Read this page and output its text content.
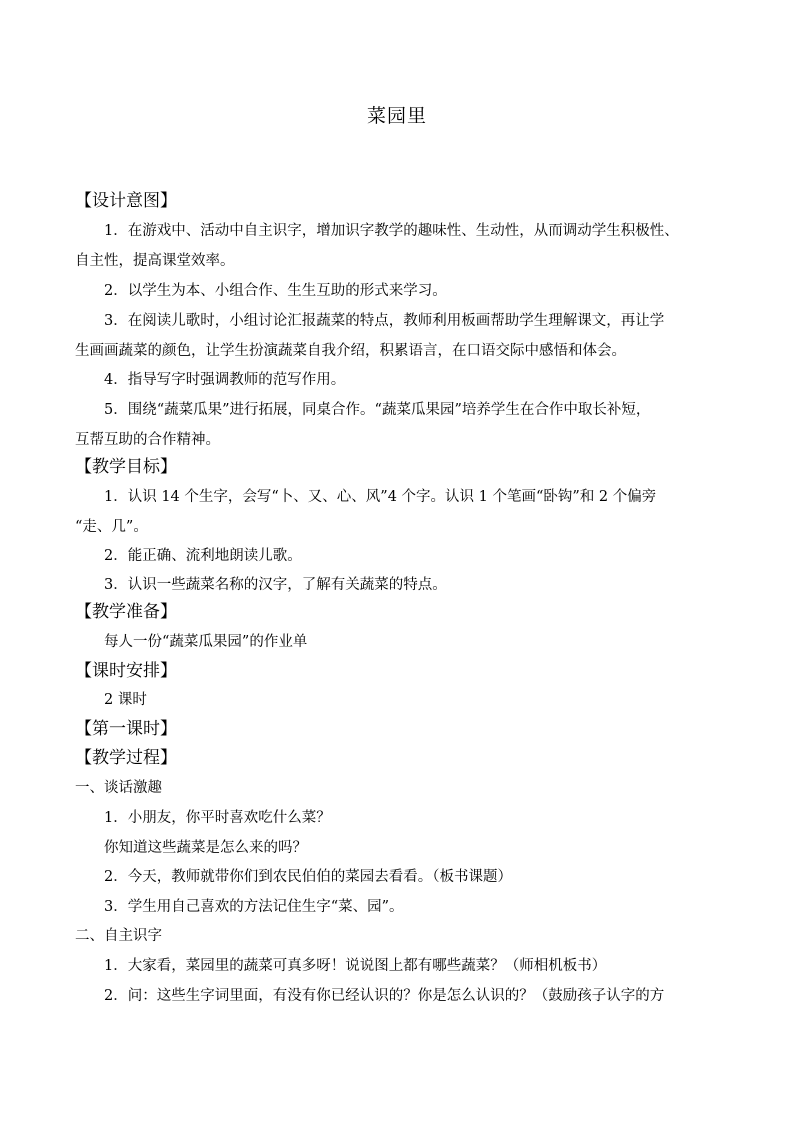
菜园里
【设计意图】
1．在游戏中、活动中自主识字，增加识字教学的趣味性、生动性，从而调动学生积极性、
自主性，提高课堂效率。
2．以学生为本、小组合作、生生互助的形式来学习。
3．在阅读儿歌时，小组讨论汇报蔬菜的特点，教师利用板画帮助学生理解课文，再让学
生画画蔬菜的颜色，让学生扮演蔬菜自我介绍，积累语言，在口语交际中感悟和体会。
4．指导写字时强调教师的范写作用。
5．围绕“蔬菜瓜果”进行拓展，同桌合作。“蔬菜瓜果园”培养学生在合作中取长补短，
互帮互助的合作精神。
【教学目标】
1．认识 14 个生字，会写“卜、又、心、风”4 个字。认识 1 个笔画“卧钩”和 2 个偏旁
“走、几”。
2．能正确、流利地朗读儿歌。
3．认识一些蔬菜名称的汉字，了解有关蔬菜的特点。
【教学准备】
每人一份“蔬菜瓜果园”的作业单
【课时安排】
2 课时
【第一课时】
【教学过程】
一、谈话激趣
1．小朋友，你平时喜欢吃什么菜？
你知道这些蔬菜是怎么来的吗？
2．今天，教师就带你们到农民伯伯的菜园去看看。（板书课题）
3．学生用自己喜欢的方法记住生字“菜、园”。
二、自主识字
1．大家看，菜园里的蔬菜可真多呀！说说图上都有哪些蔬菜？（师相机板书）
2．问：这些生字词里面，有没有你已经认识的？你是怎么认识的？（鼓励孩子认字的方
